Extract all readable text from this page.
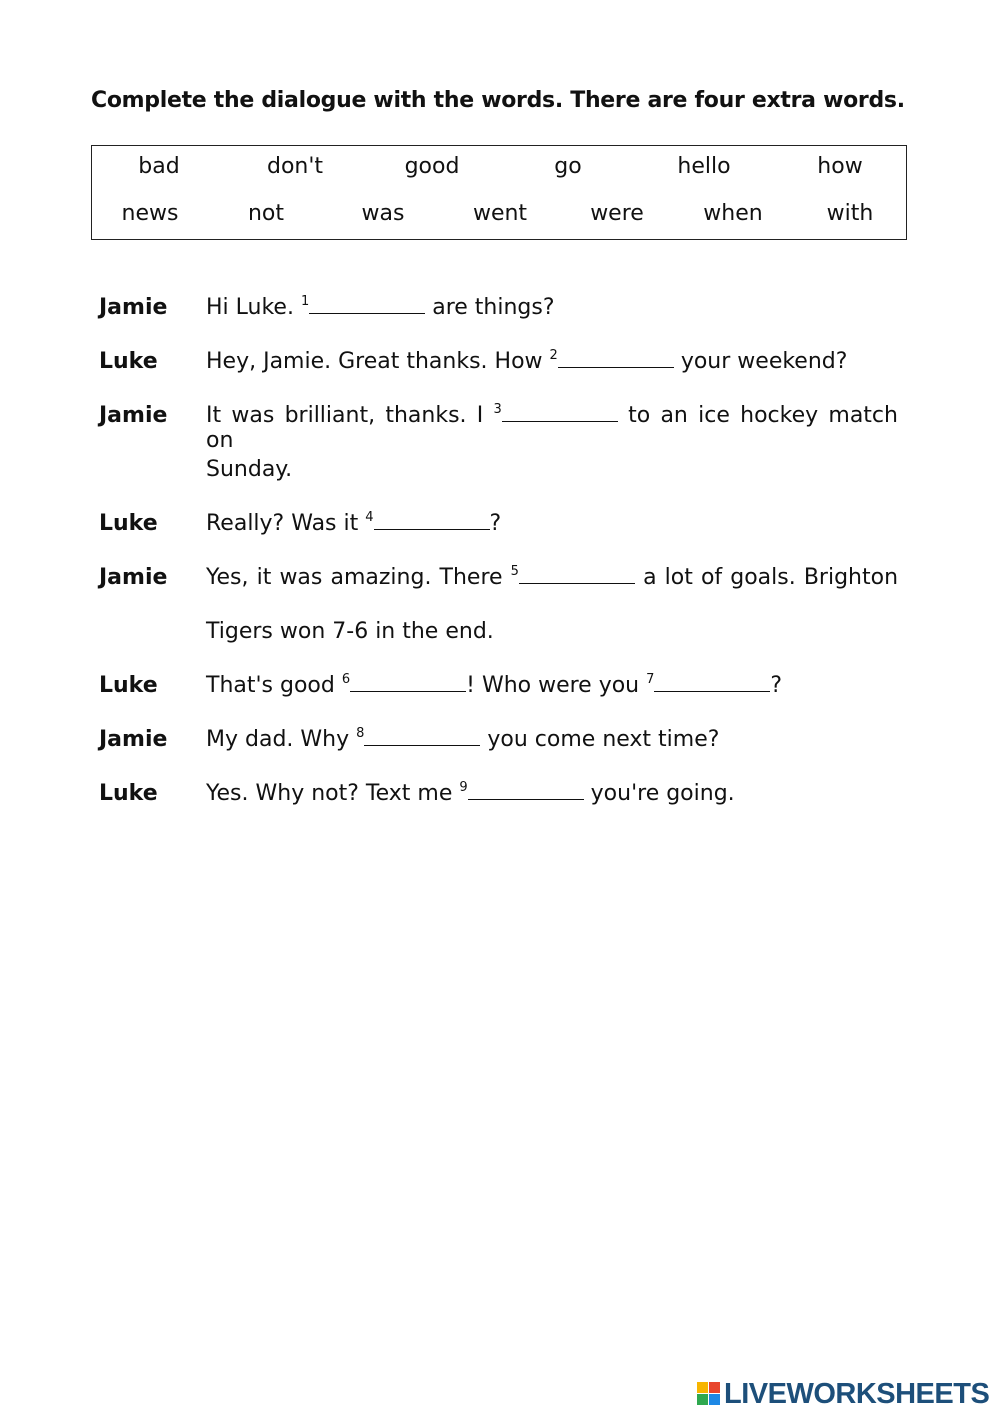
Complete the dialogue with the words. There are four extra words.
bad	don't	good	go	hello	how
news	not	was	went	were	when	with
Jamie Hi Luke. $^1$	are things?
Luke Hey, Jamie. Great thanks. How $^2$	your weekend?
Jamie It was brilliant, thanks. I $^3$	to an ice hockey match on
Sunday.
Luke Really? Was it $^4$	?
Jamie Yes, it was amazing. There $^5$	a lot of goals. Brighton
Tigers won 7-6 in the end.
Luke That's good $^6$	! Who were you $^7$	?
Jamie My dad. Why $^8$	you come next time?
Luke Yes. Why not? Text me $^9$	you're going.
LIVEWORKSHEETS
